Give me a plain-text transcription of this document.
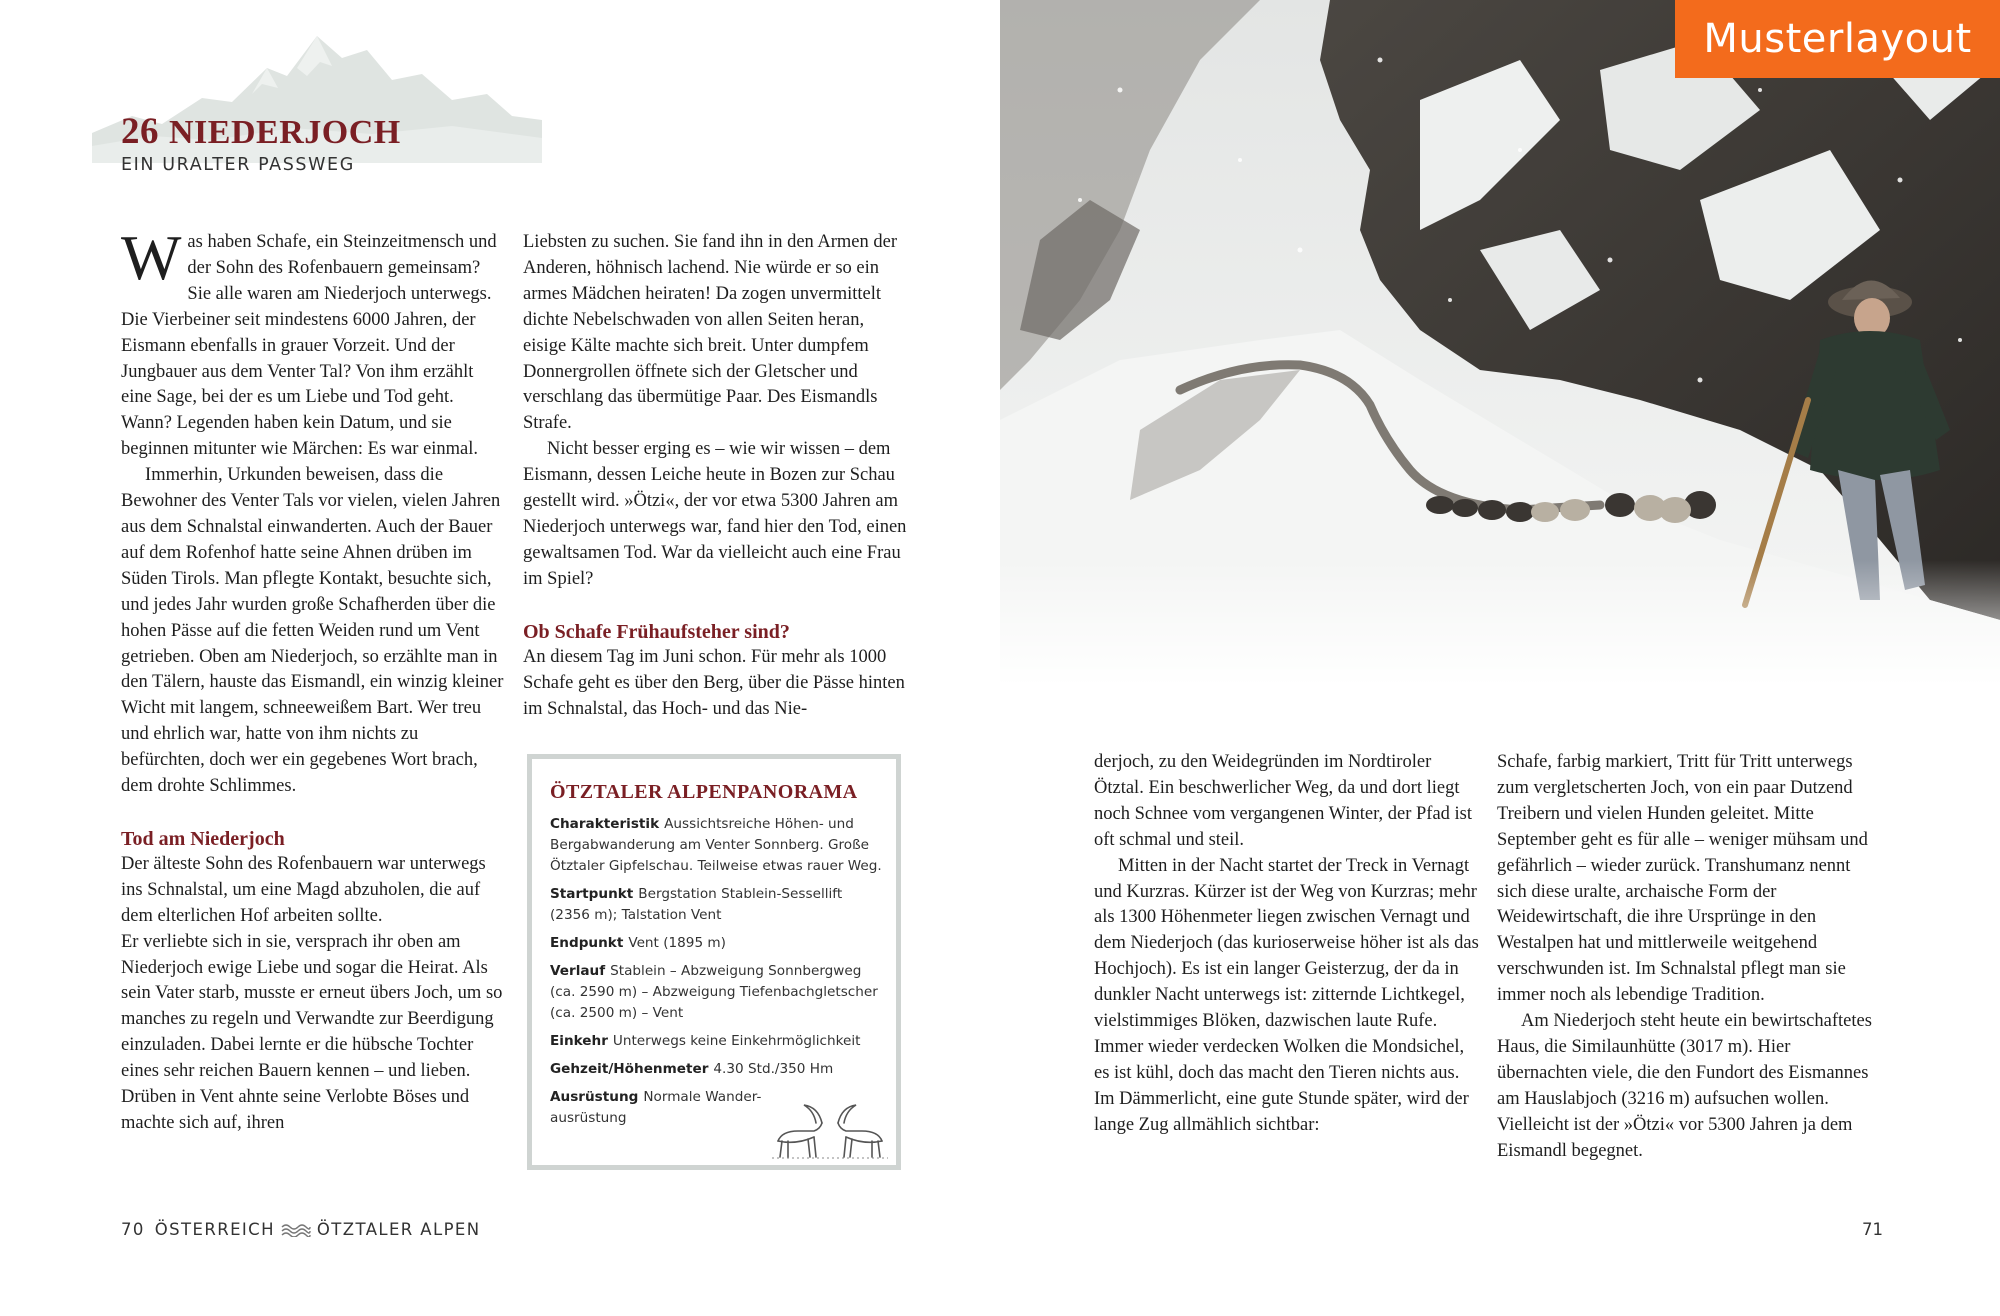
26 NIEDERJOCH
EIN URALTER PASSWEG

Was haben Schafe, ein Steinzeitmensch und der Sohn des Rofenbauern gemeinsam? Sie alle waren am Niederjoch unterwegs. Die Vierbeiner seit mindestens 6000 Jahren, der Eismann ebenfalls in grauer Vorzeit. Und der Jungbauer aus dem Venter Tal? Von ihm erzählt eine Sage, bei der es um Liebe und Tod geht. Wann? Legenden haben kein Datum, und sie beginnen mitunter wie Märchen: Es war einmal.

Immerhin, Urkunden beweisen, dass die Bewohner des Venter Tals vor vielen, vielen Jahren aus dem Schnalstal einwanderten. Auch der Bauer auf dem Rofenhof hatte seine Ahnen drüben im Süden Tirols. Man pflegte Kontakt, besuchte sich, und jedes Jahr wurden große Schafherden über die hohen Pässe auf die fetten Weiden rund um Vent getrieben. Oben am Niederjoch, so erzählte man in den Tälern, hauste das Eismandl, ein winzig kleiner Wicht mit langem, schneeweißem Bart. Wer treu und ehrlich war, hatte von ihm nichts zu befürchten, doch wer ein gegebenes Wort brach, dem drohte Schlimmes.

Tod am Niederjoch

Der älteste Sohn des Rofenbauern war unterwegs ins Schnalstal, um eine Magd abzuholen, die auf dem elterlichen Hof arbeiten sollte.

Er verliebte sich in sie, versprach ihr oben am Niederjoch ewige Liebe und sogar die Heirat. Als sein Vater starb, musste er erneut übers Joch, um so manches zu regeln und Verwandte zur Beerdigung einzuladen. Dabei lernte er die hübsche Tochter eines sehr reichen Bauern kennen – und lieben. Drüben in Vent ahnte seine Verlobte Böses und machte sich auf, ihren

Liebsten zu suchen. Sie fand ihn in den Armen der Anderen, höhnisch lachend. Nie würde er so ein armes Mädchen heiraten! Da zogen unvermittelt dichte Nebelschwaden von allen Seiten heran, eisige Kälte machte sich breit. Unter dumpfem Donnergrollen öffnete sich der Gletscher und verschlang das übermütige Paar. Des Eismandls Strafe.

Nicht besser erging es – wie wir wissen – dem Eismann, dessen Leiche heute in Bozen zur Schau gestellt wird. »Ötzi«, der vor etwa 5300 Jahren am Niederjoch unterwegs war, fand hier den Tod, einen gewaltsamen Tod. War da vielleicht auch eine Frau im Spiel?

Ob Schafe Frühaufsteher sind?

An diesem Tag im Juni schon. Für mehr als 1000 Schafe geht es über den Berg, über die Pässe hinten im Schnalstal, das Hoch- und das Nie-

ÖTZTALER ALPENPANORAMA
Charakteristik Aussichtsreiche Höhen- und Bergabwanderung am Venter Sonnberg. Große Ötztaler Gipfelschau. Teilweise etwas rauer Weg.
Startpunkt Bergstation Stablein-Sessellift (2356 m); Talstation Vent
Endpunkt Vent (1895 m)
Verlauf Stablein – Abzweigung Sonnbergweg (ca. 2590 m) – Abzweigung Tiefenbachgletscher (ca. 2500 m) – Vent
Einkehr Unterwegs keine Einkehrmöglichkeit
Gehzeit/Höhenmeter 4.30 Std./350 Hm
Ausrüstung Normale Wander- ausrüstung
70 ÖSTERREICH	ÖTZTALER ALPEN
Musterlayout

derjoch, zu den Weidegründen im Nordtiroler Ötztal. Ein beschwerlicher Weg, da und dort liegt noch Schnee vom vergangenen Winter, der Pfad ist oft schmal und steil.

Mitten in der Nacht startet der Treck in Vernagt und Kurzras. Kürzer ist der Weg von Kurzras; mehr als 1300 Höhenmeter liegen zwischen Vernagt und dem Niederjoch (das kurioserweise höher ist als das Hochjoch). Es ist ein langer Geisterzug, der da in dunkler Nacht unterwegs ist: zitternde Lichtkegel, vielstimmiges Blöken, dazwischen laute Rufe. Immer wieder verdecken Wolken die Mondsichel, es ist kühl, doch das macht den Tieren nichts aus. Im Dämmerlicht, eine gute Stunde später, wird der lange Zug allmählich sichtbar:

Schafe, farbig markiert, Tritt für Tritt unterwegs zum vergletscherten Joch, von ein paar Dutzend Treibern und vielen Hunden geleitet. Mitte September geht es für alle – weniger mühsam und gefährlich – wieder zurück. Transhumanz nennt sich diese uralte, archaische Form der Weidewirtschaft, die ihre Ursprünge in den Westalpen hat und mittlerweile weitgehend verschwunden ist. Im Schnalstal pflegt man sie immer noch als lebendige Tradition.

Am Niederjoch steht heute ein bewirtschaftetes Haus, die Similaunhütte (3017 m). Hier übernachten viele, die den Fundort des Eismannes am Hauslabjoch (3216 m) aufsuchen wollen. Vielleicht ist der »Ötzi« vor 5300 Jahren ja dem Eismandl begegnet.

71
